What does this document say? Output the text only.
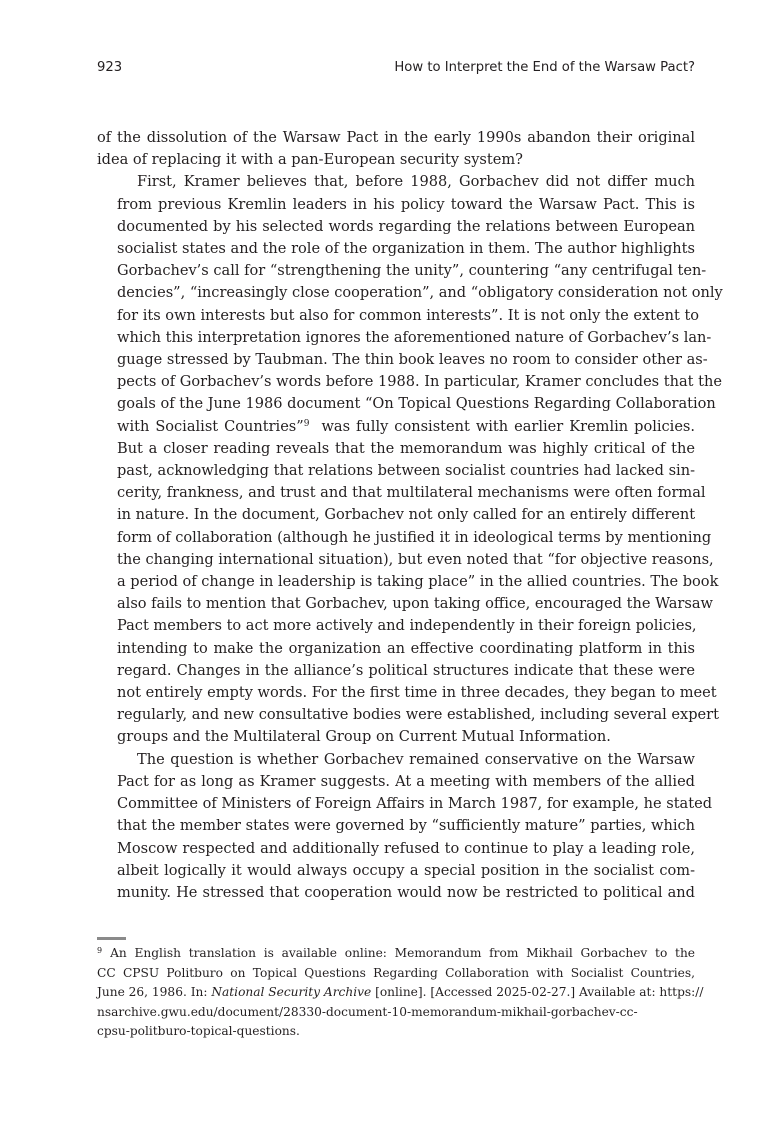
923	How to Interpret the End of the Warsaw Pact?

of the dissolution of the Warsaw Pact in the early 1990s abandon their original
idea of replacing it with a pan-European security system?

First, Kramer believes that, before 1988, Gorbachev did not differ much
from previous Kremlin leaders in his policy toward the Warsaw Pact. This is
documented by his selected words regarding the relations between European
socialist states and the role of the organization in them. The author highlights
Gorbachev’s call for “strengthening the unity”, countering “any centrifugal ten-
dencies”, “increasingly close cooperation”, and “obligatory consideration not only
for its own interests but also for common interests”. It is not only the extent to
which this interpretation ignores the aforementioned nature of Gorbachev’s lan-
guage stressed by Taubman. The thin book leaves no room to consider other as-
pects of Gorbachev’s words before 1988. In particular, Kramer concludes that the
goals of the June 1986 document “On Topical Questions Regarding Collaboration
with Socialist Countries”$^9$ was fully consistent with earlier Kremlin policies.
But a closer reading reveals that the memorandum was highly critical of the
past, acknowledging that relations between socialist countries had lacked sin-
cerity, frankness, and trust and that multilateral mechanisms were often formal
in nature. In the document, Gorbachev not only called for an entirely different
form of collaboration (although he justified it in ideological terms by mentioning
the changing international situation), but even noted that “for objective reasons,
a period of change in leadership is taking place” in the allied countries. The book
also fails to mention that Gorbachev, upon taking office, encouraged the Warsaw
Pact members to act more actively and independently in their foreign policies,
intending to make the organization an effective coordinating platform in this
regard. Changes in the alliance’s political structures indicate that these were
not entirely empty words. For the first time in three decades, they began to meet
regularly, and new consultative bodies were established, including several expert
groups and the Multilateral Group on Current Mutual Information.

The question is whether Gorbachev remained conservative on the Warsaw
Pact for as long as Kramer suggests. At a meeting with members of the allied
Committee of Ministers of Foreign Affairs in March 1987, for example, he stated
that the member states were governed by “sufficiently mature” parties, which
Moscow respected and additionally refused to continue to play a leading role,
albeit logically it would always occupy a special position in the socialist com-
munity. He stressed that cooperation would now be restricted to political and

$^9$ An English translation is available online: Memorandum from Mikhail Gorbachev to the
CC CPSU Politburo on Topical Questions Regarding Collaboration with Socialist Countries,
June 26, 1986. In: National Security Archive [online]. [Accessed 2025-02-27.] Available at: https://
nsarchive.gwu.edu/document/28330-document-10-memorandum-mikhail-gorbachev-cc-
cpsu-politburo-topical-questions.
